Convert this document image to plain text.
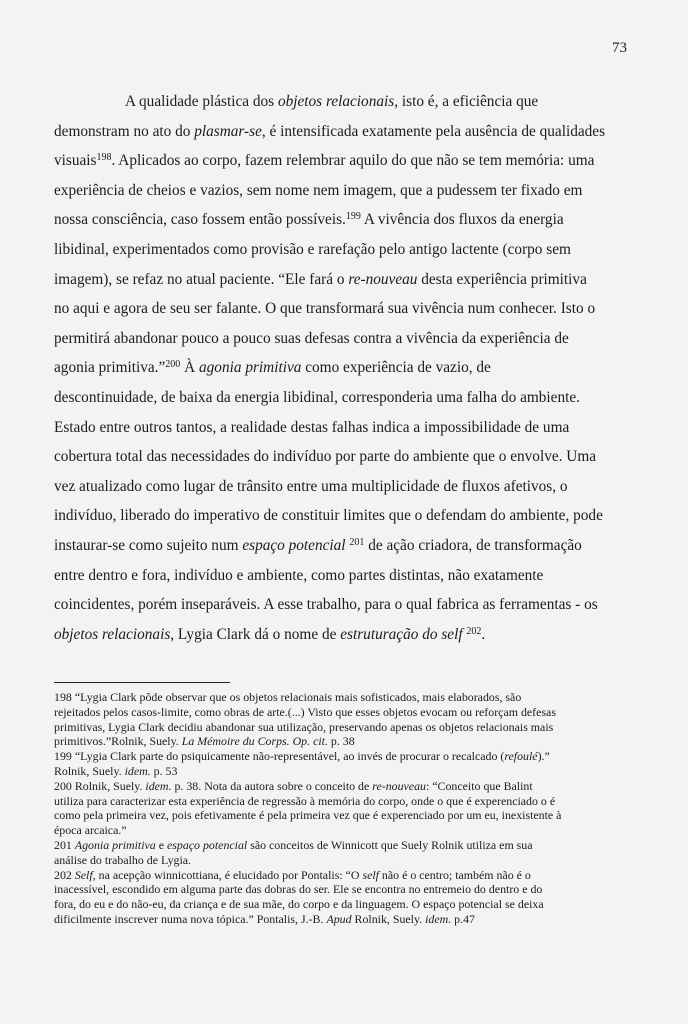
73
A qualidade plástica dos objetos relacionais, isto é, a eficiência que
demonstram no ato do plasmar-se, é intensificada exatamente pela ausência de qualidades
visuais$^{198}$. Aplicados ao corpo, fazem relembrar aquilo do que não se tem memória: uma
experiência de cheios e vazios, sem nome nem imagem, que a pudessem ter fixado em
nossa consciência, caso fossem então possíveis.$^{199}$ A vivência dos fluxos da energia
libidinal, experimentados como provisão e rarefação pelo antigo lactente (corpo sem
imagem), se refaz no atual paciente. “Ele fará o re-nouveau desta experiência primitiva
no aqui e agora de seu ser falante. O que transformará sua vivência num conhecer. Isto o
permitirá abandonar pouco a pouco suas defesas contra a vivência da experiência de
agonia primitiva.”$^{200}$ À agonia primitiva como experiência de vazio, de
descontinuidade, de baixa da energia libidinal, corresponderia uma falha do ambiente.
Estado entre outros tantos, a realidade destas falhas indica a impossibilidade de uma
cobertura total das necessidades do indivíduo por parte do ambiente que o envolve. Uma
vez atualizado como lugar de trânsito entre uma multiplicidade de fluxos afetivos, o
indivíduo, liberado do imperativo de constituir limites que o defendam do ambiente, pode
instaurar-se como sujeito num espaço potencial $^{201}$ de ação criadora, de transformação
entre dentro e fora, indivíduo e ambiente, como partes distintas, não exatamente
coincidentes, porém inseparáveis. A esse trabalho, para o qual fabrica as ferramentas - os
objetos relacionais, Lygia Clark dá o nome de estruturação do self $^{202}$.
198 “Lygia Clark pôde observar que os objetos relacionais mais sofisticados, mais elaborados, são
rejeitados pelos casos-limite, como obras de arte.(...) Visto que esses objetos evocam ou reforçam defesas
primitivas, Lygia Clark decidiu abandonar sua utilização, preservando apenas os objetos relacionais mais
primitivos.”Rolnik, Suely. La Mémoire du Corps. Op. cit. p. 38
199 “Lygia Clark parte do psiquicamente não-representável, ao invés de procurar o recalcado (refoulé).”
Rolnik, Suely. idem. p. 53
200 Rolnik, Suely. idem. p. 38. Nota da autora sobre o conceito de re-nouveau: “Conceito que Balint
utiliza para caracterizar esta experiência de regressão à memória do corpo, onde o que é experenciado o é
como pela primeira vez, pois efetivamente é pela primeira vez que é experenciado por um eu, inexistente à
época arcaica.”
201 Agonia primitiva e espaço potencial são conceitos de Winnicott que Suely Rolnik utiliza em sua
análise do trabalho de Lygia.
202 Self, na acepção winnicottiana, é elucidado por Pontalis: “O self não é o centro; também não é o
inacessível, escondido em alguma parte das dobras do ser. Ele se encontra no entremeio do dentro e do
fora, do eu e do não-eu, da criança e de sua mãe, do corpo e da linguagem. O espaço potencial se deixa
dificilmente inscrever numa nova tópica.” Pontalis, J.-B. Apud Rolnik, Suely. idem. p.47
